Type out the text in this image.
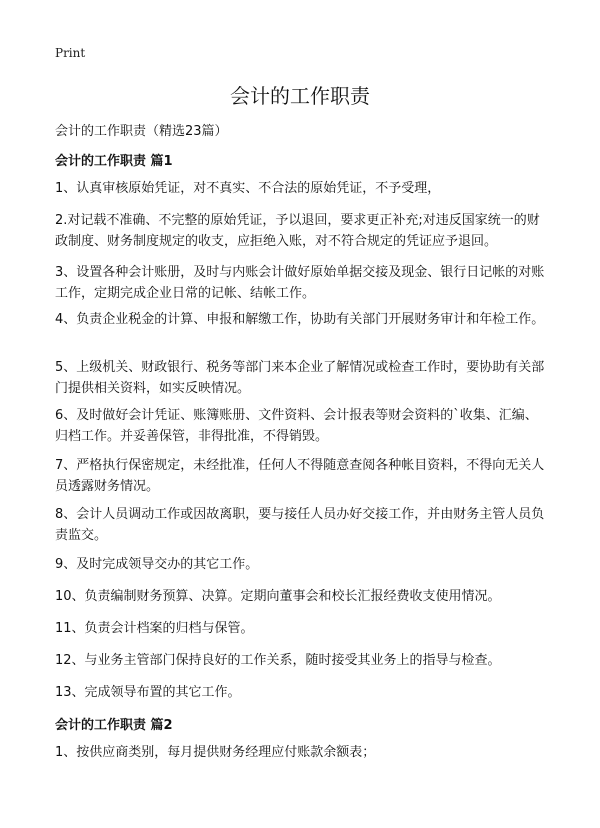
Print
会计的工作职责
会计的工作职责（精选23篇）
会计的工作职责 篇1
1、认真审核原始凭证，对不真实、不合法的原始凭证，不予受理，
2.对记载不准确、不完整的原始凭证，予以退回，要求更正补充;对违反国家统一的财政制度、财务制度规定的收支，应拒绝入账，对不符合规定的凭证应予退回。
3、设置各种会计账册，及时与内账会计做好原始单据交接及现金、银行日记帐的对账工作，定期完成企业日常的记帐、结帐工作。
4、负责企业税金的计算、申报和解缴工作，协助有关部门开展财务审计和年检工作。
5、上级机关、财政银行、税务等部门来本企业了解情况或检查工作时，要协助有关部门提供相关资料，如实反映情况。
6、及时做好会计凭证、账簿账册、文件资料、会计报表等财会资料的`收集、汇编、归档工作。并妥善保管，非得批准，不得销毁。
7、严格执行保密规定，未经批准，任何人不得随意查阅各种帐目资料，不得向无关人员透露财务情况。
8、会计人员调动工作或因故离职，要与接任人员办好交接工作，并由财务主管人员负责监交。
9、及时完成领导交办的其它工作。
10、负责编制财务预算、决算。定期向董事会和校长汇报经费收支使用情况。
11、负责会计档案的归档与保管。
12、与业务主管部门保持良好的工作关系，随时接受其业务上的指导与检查。
13、完成领导布置的其它工作。
会计的工作职责 篇2
1、按供应商类别，每月提供财务经理应付账款余额表；
